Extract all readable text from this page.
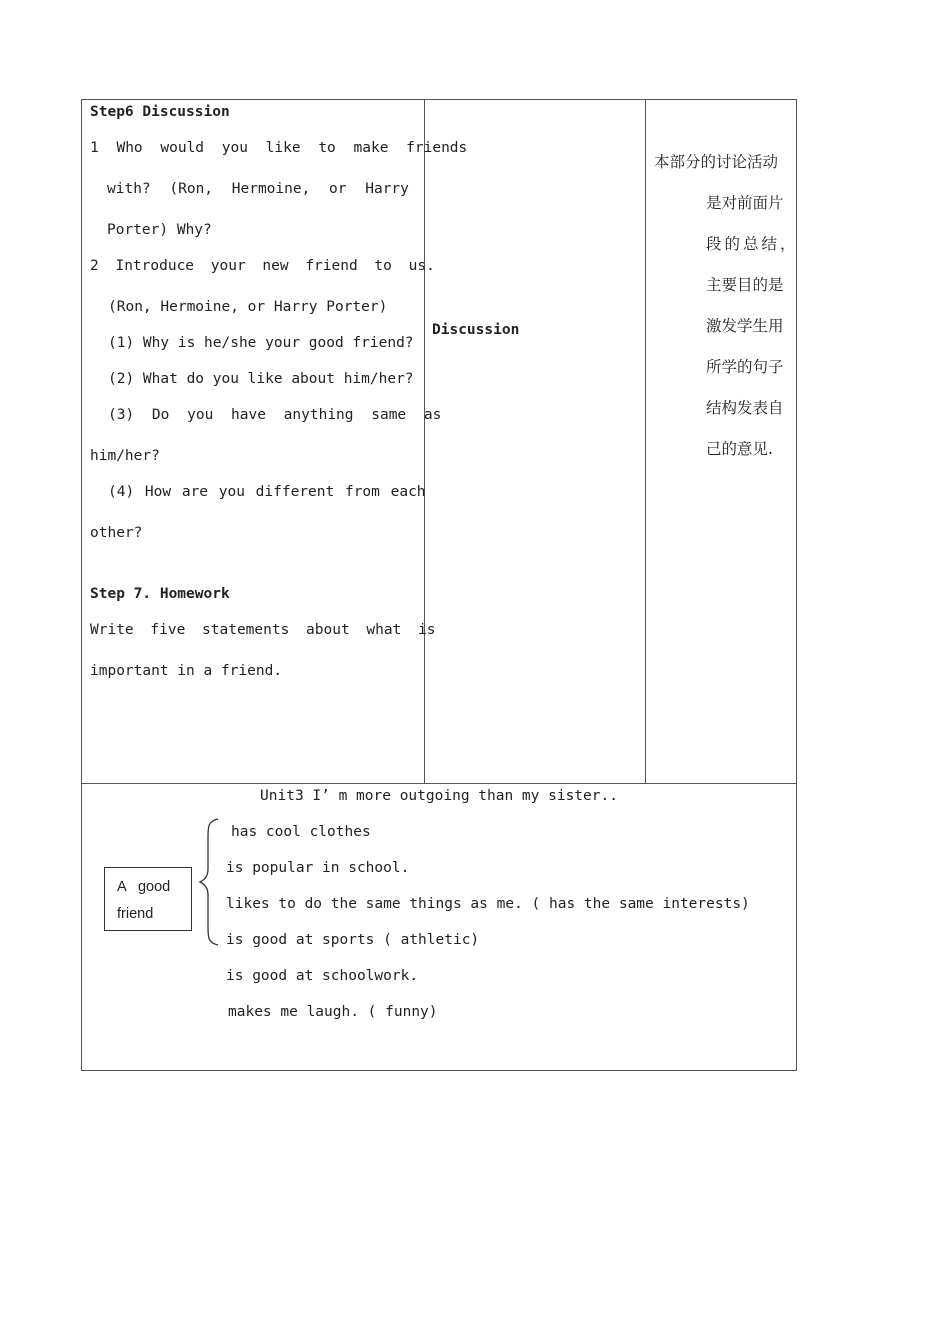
Step6 Discussion
1 Who would you like to make friends
with? (Ron, Hermoine, or Harry
Porter) Why?
2 Introduce your new friend to us.
(Ron, Hermoine, or Harry Porter)
(1) Why is he/she your good friend?
(2) What do you like about him/her?
(3) Do you have anything same as
him/her?
(4) How are you different from each
other?
Step 7. Homework
Write five statements about what is
important in a friend.
Discussion
本部分的讨论活动
是对前面片
段的总结，
主要目的是
激发学生用
所学的句子
结构发表自
己的意见.
Unit3 I’ m more outgoing than my sister..
A   good
friend
has cool clothes
is popular in school.
likes to do the same things as me. ( has the same interests)
is good at sports ( athletic)
is good at schoolwork.
makes me laugh. ( funny)
